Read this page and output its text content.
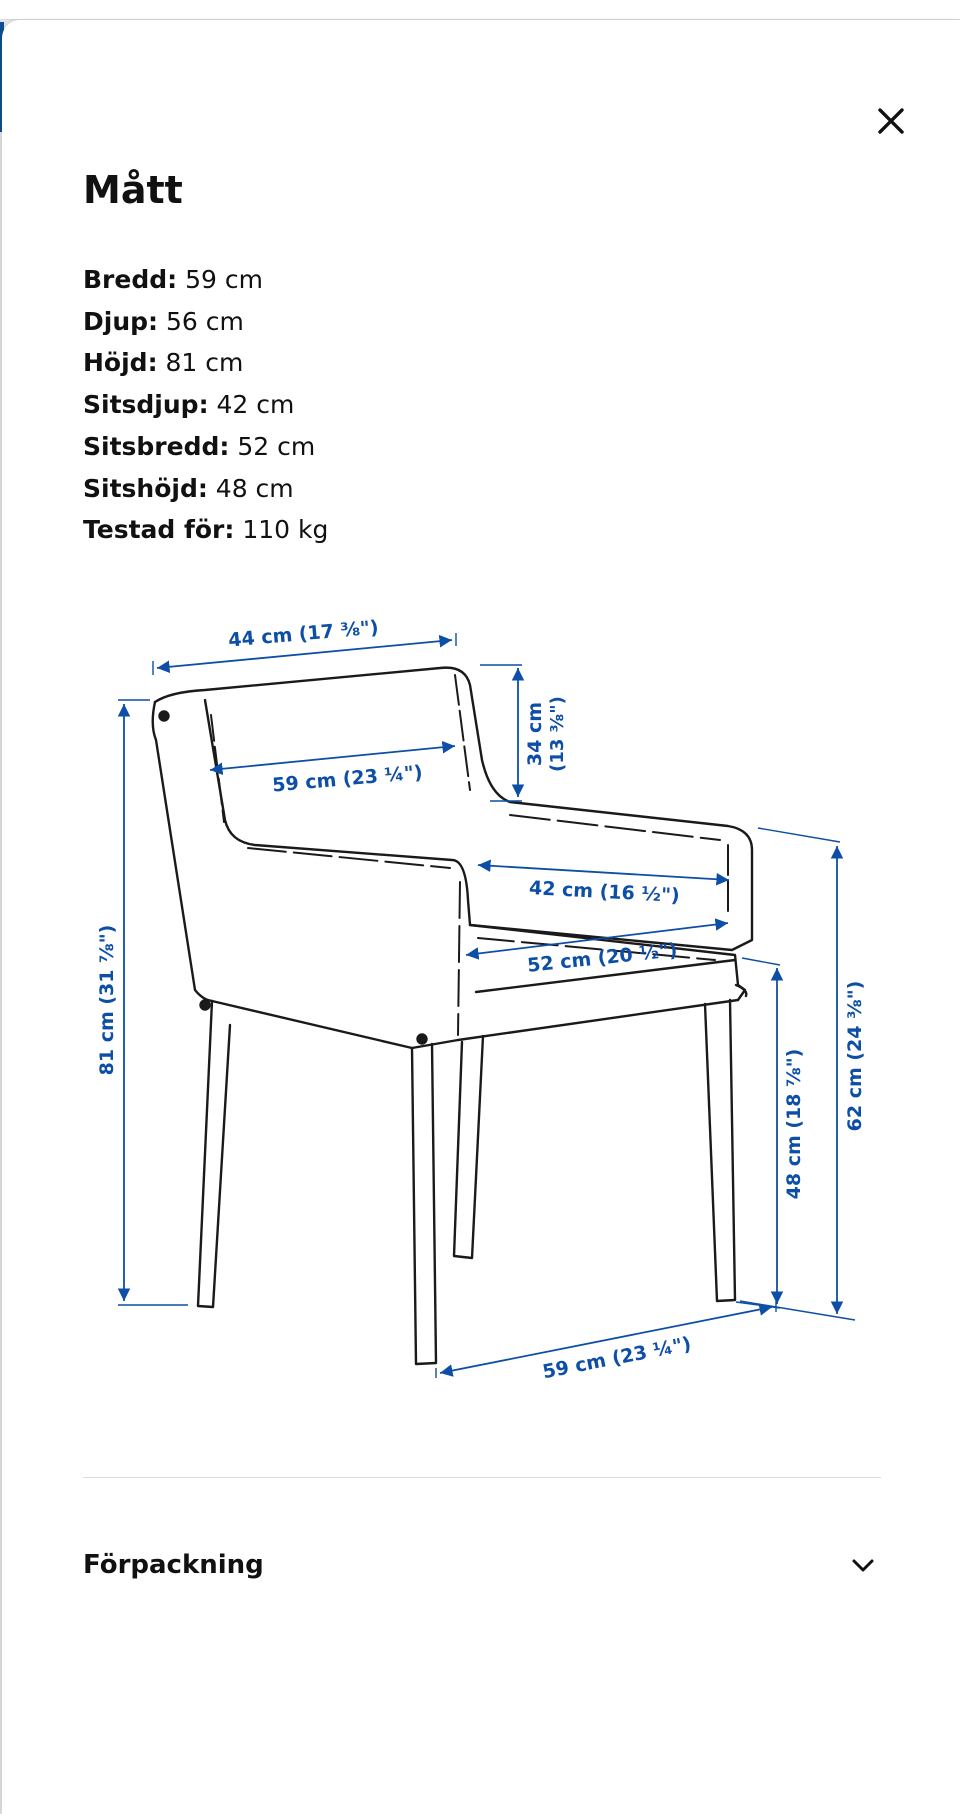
Mått
Bredd: 59 cm
Djup: 56 cm
Höjd: 81 cm
Sitsdjup: 42 cm
Sitsbredd: 52 cm
Sitshöjd: 48 cm
Testad för: 110 kg
44 cm (17 ⅜")
34 cm (13 ⅜")
59 cm (23 ¼")
81 cm (31 ⅞")
42 cm (16 ½")
52 cm (20 ½")
62 cm (24 ⅜")
48 cm (18 ⅞")
59 cm (23 ¼")
Förpackning
